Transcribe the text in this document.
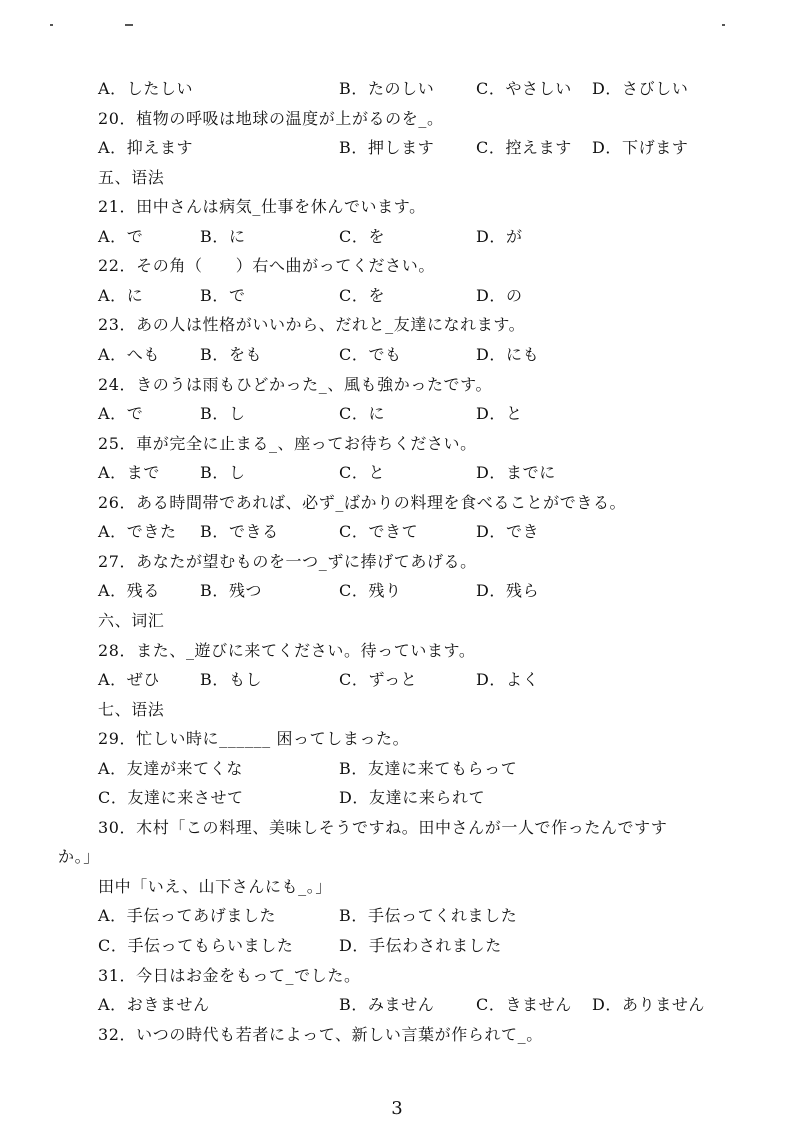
A．したしい	B．たのしい	C．やさしい D．さびしい
20．植物の呼吸は地球の温度が上がるのを_。
A．抑えます	B．押します	C．控えます D．下げます
五、语法
21．田中さんは病気_仕事を休んでいます。
A．で	B．に	C．を	D．が
22．その角（　　）右へ曲がってください。
A．に	B．で	C．を	D．の
23．あの人は性格がいいから、だれと_友達になれます。
A．へも	B．をも	C．でも	D．にも
24．きのうは雨もひどかった_、風も強かったです。
A．で	B．し	C．に	D．と
25．車が完全に止まる_、座ってお待ちください。
A．まで	B．し	C．と	D．までに
26．ある時間帯であれば、必ず_ばかりの料理を食べることができる。
A．できた B．できる	C．できて	D．でき
27．あなたが望むものを一つ_ずに捧げてあげる。
A．残る	B．残つ	C．残り	D．残ら
六、词汇
28．また、_遊びに来てください。待っています。
A．ぜひ	B．もし	C．ずっと	D．よく
七、语法
29．忙しい時に______ 困ってしまった。
A．友達が来てくな	B．友達に来てもらって
C．友達に来させて	D．友達に来られて
30．木村「この料理、美味しそうですね。田中さんが一人で作ったんですす
か。」
田中「いえ、山下さんにも_。」
A．手伝ってあげました	B．手伝ってくれました
C．手伝ってもらいました	D．手伝わされました
31．今日はお金をもって_でした。
A．おきません	B．みません	C．きません D．ありません
32．いつの時代も若者によって、新しい言葉が作られて_。
3
